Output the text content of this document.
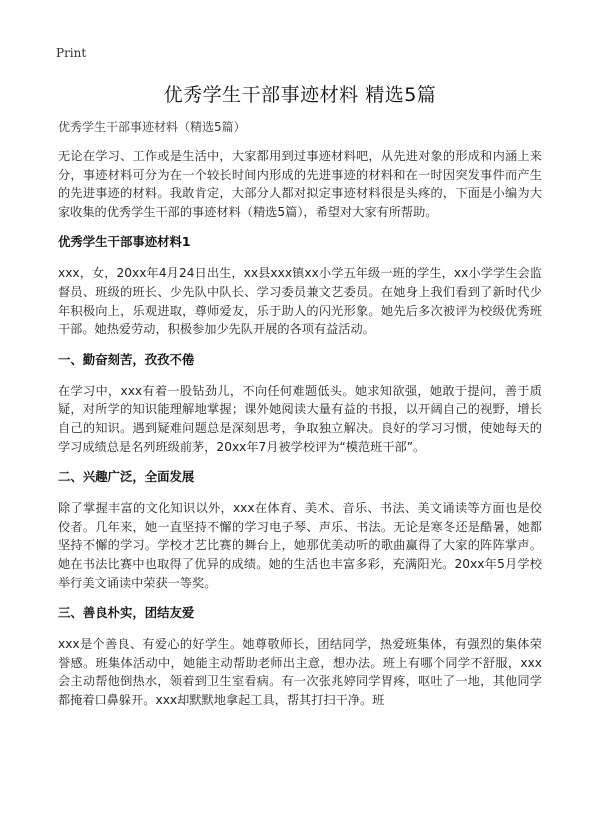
Print
优秀学生干部事迹材料 精选5篇
优秀学生干部事迹材料（精选5篇）

无论在学习、工作或是生活中，大家都用到过事迹材料吧，从先进对象的形成和内涵上来分，事迹材料可分为在一个较长时间内形成的先进事迹的材料和在一时因突发事件而产生的先进事迹的材料。我敢肯定，大部分人都对拟定事迹材料很是头疼的，下面是小编为大家收集的优秀学生干部的事迹材料（精选5篇），希望对大家有所帮助。

优秀学生干部事迹材料1

xxx，女，20xx年4月24日出生，xx县xxx镇xx小学五年级一班的学生，xx小学学生会监督员、班级的班长、少先队中队长、学习委员兼文艺委员。在她身上我们看到了新时代少年积极向上，乐观进取，尊师爱友，乐于助人的闪光形象。她先后多次被评为校级优秀班干部。她热爱劳动，积极参加少先队开展的各项有益活动。

一、勤奋刻苦，孜孜不倦

在学习中，xxx有着一股钻劲儿，不向任何难题低头。她求知欲强，她敢于提问，善于质疑，对所学的知识能理解地掌握；课外她阅读大量有益的书报，以开阔自己的视野，增长自己的知识。遇到疑难问题总是深刻思考，争取独立解决。良好的学习习惯，使她每天的学习成绩总是名列班级前茅，20xx年7月被学校评为“模范班干部”。

二、兴趣广泛，全面发展

除了掌握丰富的文化知识以外，xxx在体育、美术、音乐、书法、美文诵读等方面也是佼佼者。几年来，她一直坚持不懈的学习电子琴、声乐、书法。无论是寒冬还是酷暑，她都坚持不懈的学习。学校才艺比赛的舞台上，她那优美动听的歌曲赢得了大家的阵阵掌声。她在书法比赛中也取得了优异的成绩。她的生活也丰富多彩，充满阳光。20xx年5月学校举行美文诵读中荣获一等奖。

三、善良朴实，团结友爱

xxx是个善良、有爱心的好学生。她尊敬师长，团结同学，热爱班集体，有强烈的集体荣誉感。班集体活动中，她能主动帮助老师出主意，想办法。班上有哪个同学不舒服，xxx会主动帮他倒热水，领着到卫生室看病。有一次张兆婷同学胃疼，呕吐了一地，其他同学都掩着口鼻躲开。xxx却默默地拿起工具，帮其打扫干净。班
